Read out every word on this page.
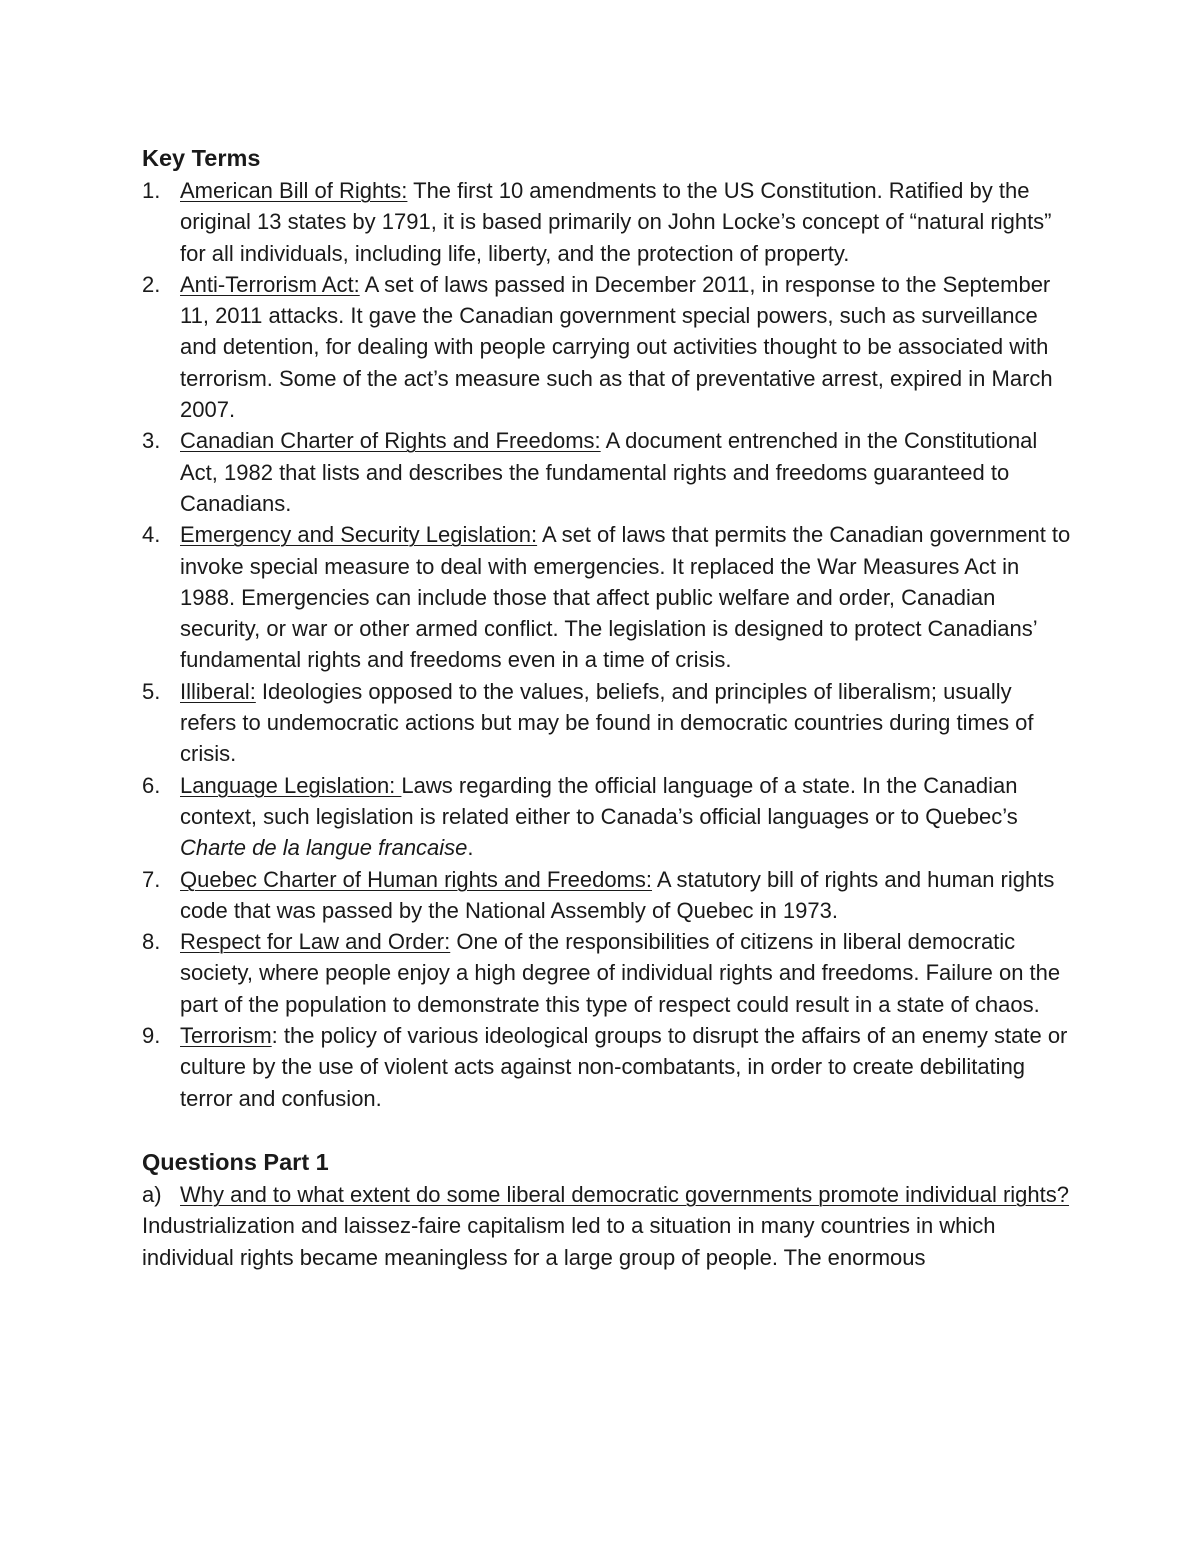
Key Terms
1. American Bill of Rights: The first 10 amendments to the US Constitution. Ratified by the original 13 states by 1791, it is based primarily on John Locke’s concept of “natural rights” for all individuals, including life, liberty, and the protection of property.
2. Anti-Terrorism Act: A set of laws passed in December 2011, in response to the September 11, 2011 attacks. It gave the Canadian government special powers, such as surveillance and detention, for dealing with people carrying out activities thought to be associated with terrorism. Some of the act’s measure such as that of preventative arrest, expired in March 2007.
3. Canadian Charter of Rights and Freedoms: A document entrenched in the Constitutional Act, 1982 that lists and describes the fundamental rights and freedoms guaranteed to Canadians.
4. Emergency and Security Legislation: A set of laws that permits the Canadian government to invoke special measure to deal with emergencies. It replaced the War Measures Act in 1988. Emergencies can include those that affect public welfare and order, Canadian security, or war or other armed conflict. The legislation is designed to protect Canadians’ fundamental rights and freedoms even in a time of crisis.
5. Illiberal: Ideologies opposed to the values, beliefs, and principles of liberalism; usually refers to undemocratic actions but may be found in democratic countries during times of crisis.
6. Language Legislation: Laws regarding the official language of a state. In the Canadian context, such legislation is related either to Canada’s official languages or to Quebec’s Charte de la langue francaise.
7. Quebec Charter of Human rights and Freedoms: A statutory bill of rights and human rights code that was passed by the National Assembly of Quebec in 1973.
8. Respect for Law and Order: One of the responsibilities of citizens in liberal democratic society, where people enjoy a high degree of individual rights and freedoms. Failure on the part of the population to demonstrate this type of respect could result in a state of chaos.
9. Terrorism: the policy of various ideological groups to disrupt the affairs of an enemy state or culture by the use of violent acts against non-combatants, in order to create debilitating terror and confusion.
Questions Part 1
a) Why and to what extent do some liberal democratic governments promote individual rights?

Industrialization and laissez-faire capitalism led to a situation in many countries in which individual rights became meaningless for a large group of people. The enormous
